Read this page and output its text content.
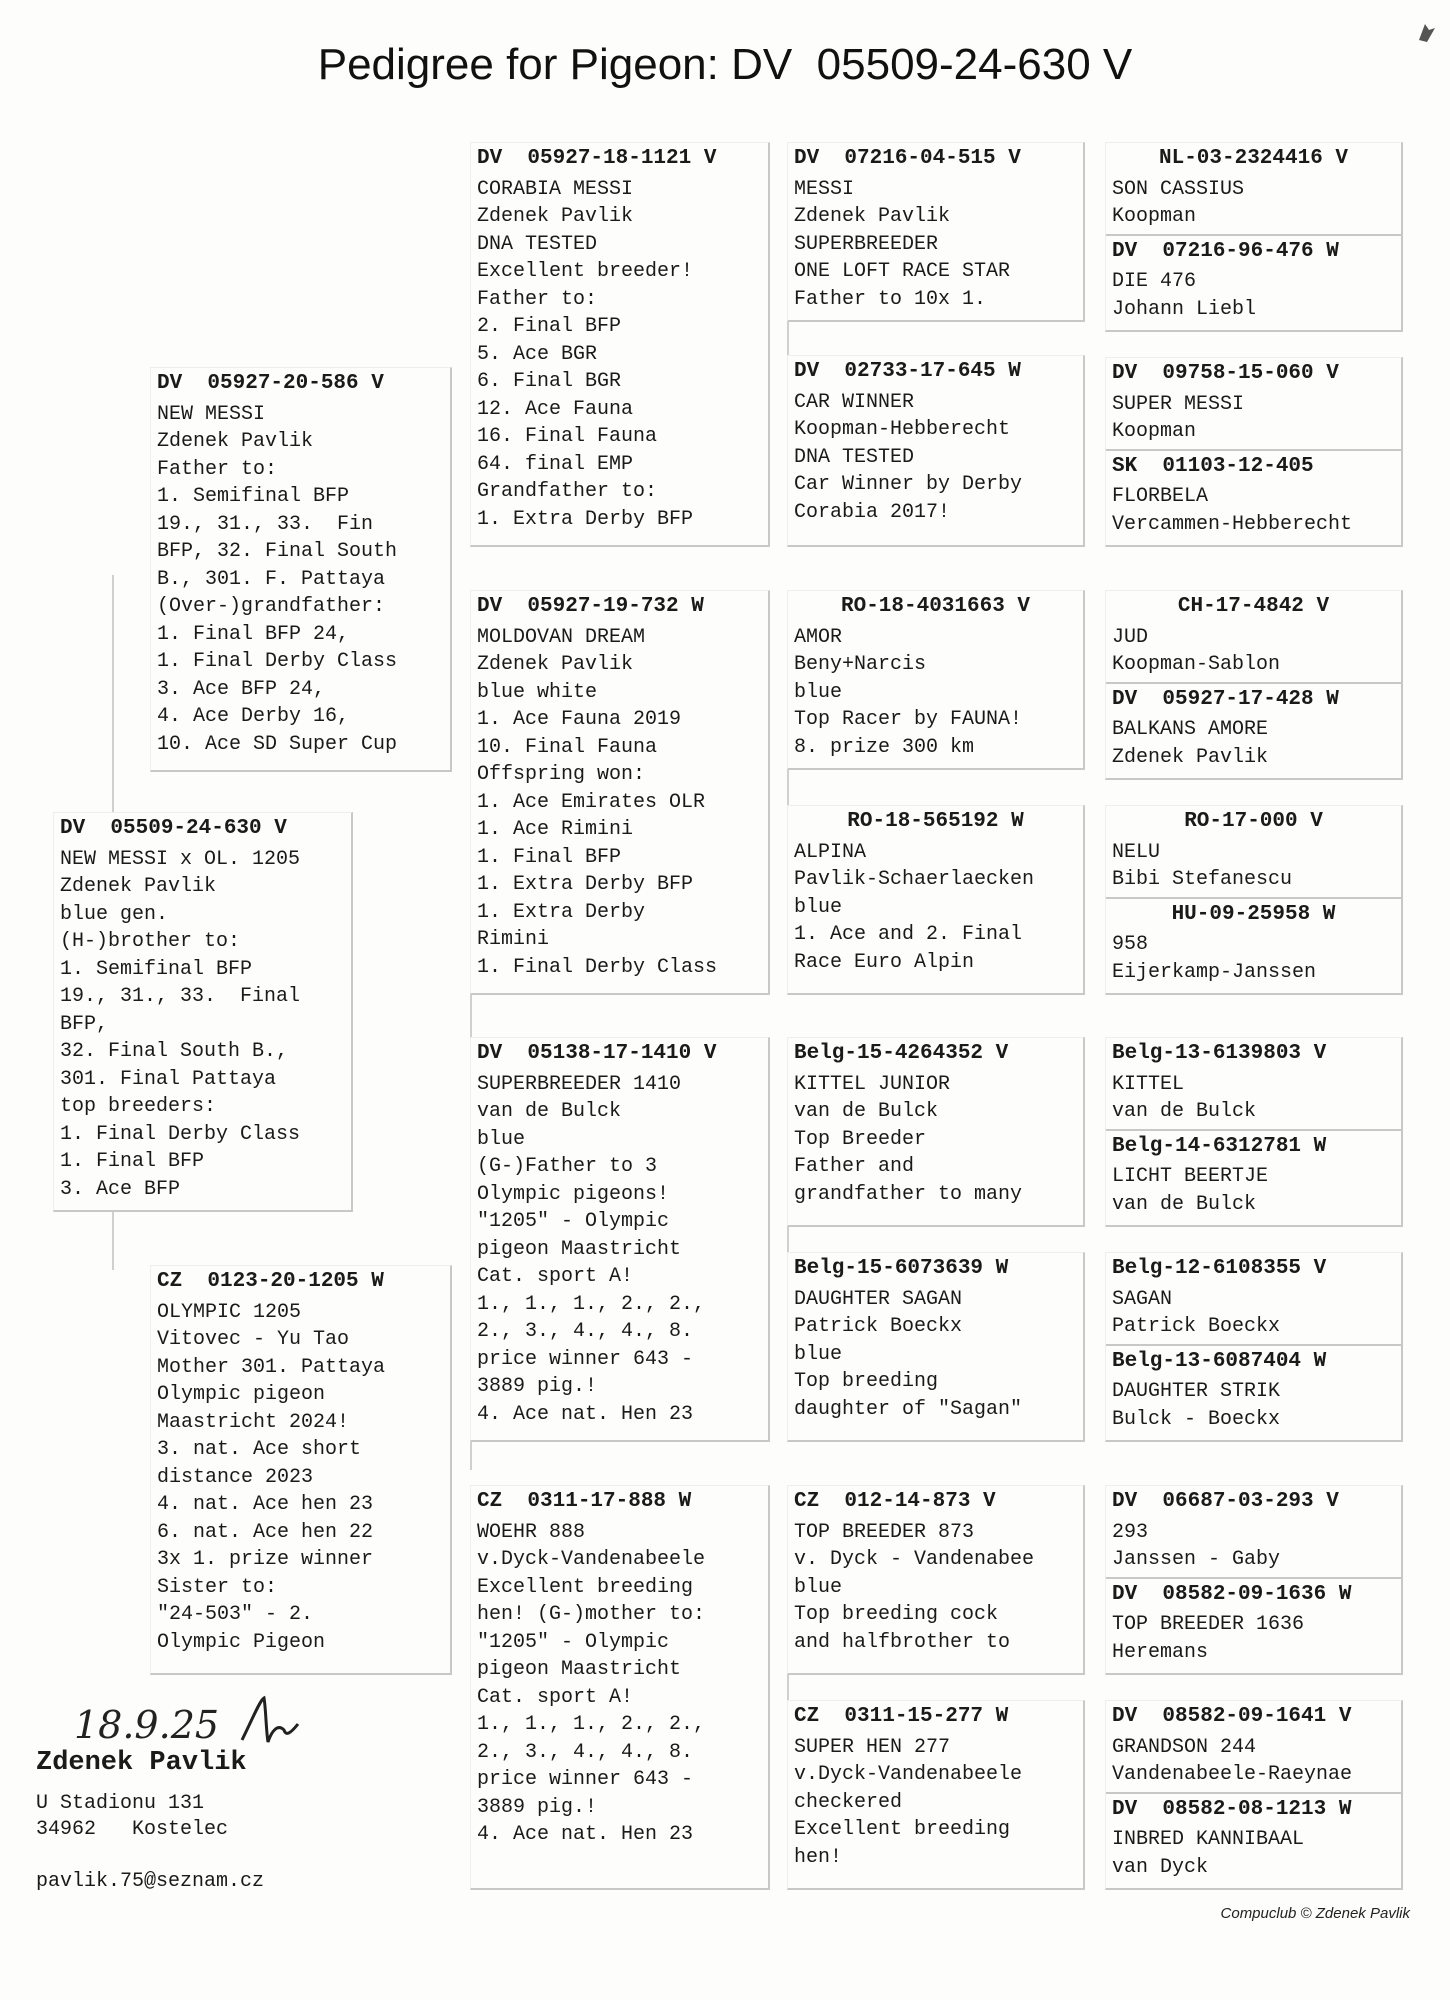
Pedigree for Pigeon: DV  05509-24-630 V
DV  05509-24-630 V
NEW MESSI x OL. 1205
Zdenek Pavlik
blue gen.
(H-)brother to:
1. Semifinal BFP
19., 31., 33.  Final
BFP,
32. Final South B.,
301. Final Pattaya
top breeders:
1. Final Derby Class
1. Final BFP
3. Ace BFP
DV  05927-20-586 V
NEW MESSI
Zdenek Pavlik
Father to:
1. Semifinal BFP
19., 31., 33.  Fin
BFP, 32. Final South
B., 301. F. Pattaya
(Over-)grandfather:
1. Final BFP 24,
1. Final Derby Class
3. Ace BFP 24,
4. Ace Derby 16,
10. Ace SD Super Cup
CZ  0123-20-1205 W
OLYMPIC 1205
Vitovec - Yu Tao
Mother 301. Pattaya
Olympic pigeon
Maastricht 2024!
3. nat. Ace short
distance 2023
4. nat. Ace hen 23
6. nat. Ace hen 22
3x 1. prize winner
Sister to:
"24-503" - 2.
Olympic Pigeon
DV  05927-18-1121 V
CORABIA MESSI
Zdenek Pavlik
DNA TESTED
Excellent breeder!
Father to:
2. Final BFP
5. Ace BGR
6. Final BGR
12. Ace Fauna
16. Final Fauna
64. final EMP
Grandfather to:
1. Extra Derby BFP
DV  05927-19-732 W
MOLDOVAN DREAM
Zdenek Pavlik
blue white
1. Ace Fauna 2019
10. Final Fauna
Offspring won:
1. Ace Emirates OLR
1. Ace Rimini
1. Final BFP
1. Extra Derby BFP
1. Extra Derby
Rimini
1. Final Derby Class
DV  05138-17-1410 V
SUPERBREEDER 1410
van de Bulck
blue
(G-)Father to 3
Olympic pigeons!
"1205" - Olympic
pigeon Maastricht
Cat. sport A!
1., 1., 1., 2., 2.,
2., 3., 4., 4., 8.
price winner 643 -
3889 pig.!
4. Ace nat. Hen 23
CZ  0311-17-888 W
WOEHR 888
v.Dyck-Vandenabeele
Excellent breeding
hen! (G-)mother to:
"1205" - Olympic
pigeon Maastricht
Cat. sport A!
1., 1., 1., 2., 2.,
2., 3., 4., 4., 8.
price winner 643 -
3889 pig.!
4. Ace nat. Hen 23
DV  07216-04-515 V
MESSI
Zdenek Pavlik
SUPERBREEDER
ONE LOFT RACE STAR
Father to 10x 1.
DV  02733-17-645 W
CAR WINNER
Koopman-Hebberecht
DNA TESTED
Car Winner by Derby
Corabia 2017!
RO-18-4031663 V
AMOR
Beny+Narcis
blue
Top Racer by FAUNA!
8. prize 300 km
RO-18-565192 W
ALPINA
Pavlik-Schaerlaecken
blue
1. Ace and 2. Final
Race Euro Alpin
Belg-15-4264352 V
KITTEL JUNIOR
van de Bulck
Top Breeder
Father and
grandfather to many
Belg-15-6073639 W
DAUGHTER SAGAN
Patrick Boeckx
blue
Top breeding
daughter of "Sagan"
CZ  012-14-873 V
TOP BREEDER 873
v. Dyck - Vandenabee
blue
Top breeding cock
and halfbrother to
CZ  0311-15-277 W
SUPER HEN 277
v.Dyck-Vandenabeele
checkered
Excellent breeding
hen!
NL-03-2324416 V
SON CASSIUS
Koopman
DV  07216-96-476 W
DIE 476
Johann Liebl
DV  09758-15-060 V
SUPER MESSI
Koopman
SK  01103-12-405
FLORBELA
Vercammen-Hebberecht
CH-17-4842 V
JUD
Koopman-Sablon
DV  05927-17-428 W
BALKANS AMORE
Zdenek Pavlik
RO-17-000 V
NELU
Bibi Stefanescu
HU-09-25958 W
958
Eijerkamp-Janssen
Belg-13-6139803 V
KITTEL
van de Bulck
Belg-14-6312781 W
LICHT BEERTJE
van de Bulck
Belg-12-6108355 V
SAGAN
Patrick Boeckx
Belg-13-6087404 W
DAUGHTER STRIK
Bulck - Boeckx
DV  06687-03-293 V
293
Janssen - Gaby
DV  08582-09-1636 W
TOP BREEDER 1636
Heremans
DV  08582-09-1641 V
GRANDSON 244
Vandenabeele-Raeynae
DV  08582-08-1213 W
INBRED KANNIBAAL
van Dyck
18.9.25
Zdenek Pavlik
U Stadionu 131
34962   Kostelec
pavlik.75@seznam.cz
Compuclub © Zdenek Pavlik
